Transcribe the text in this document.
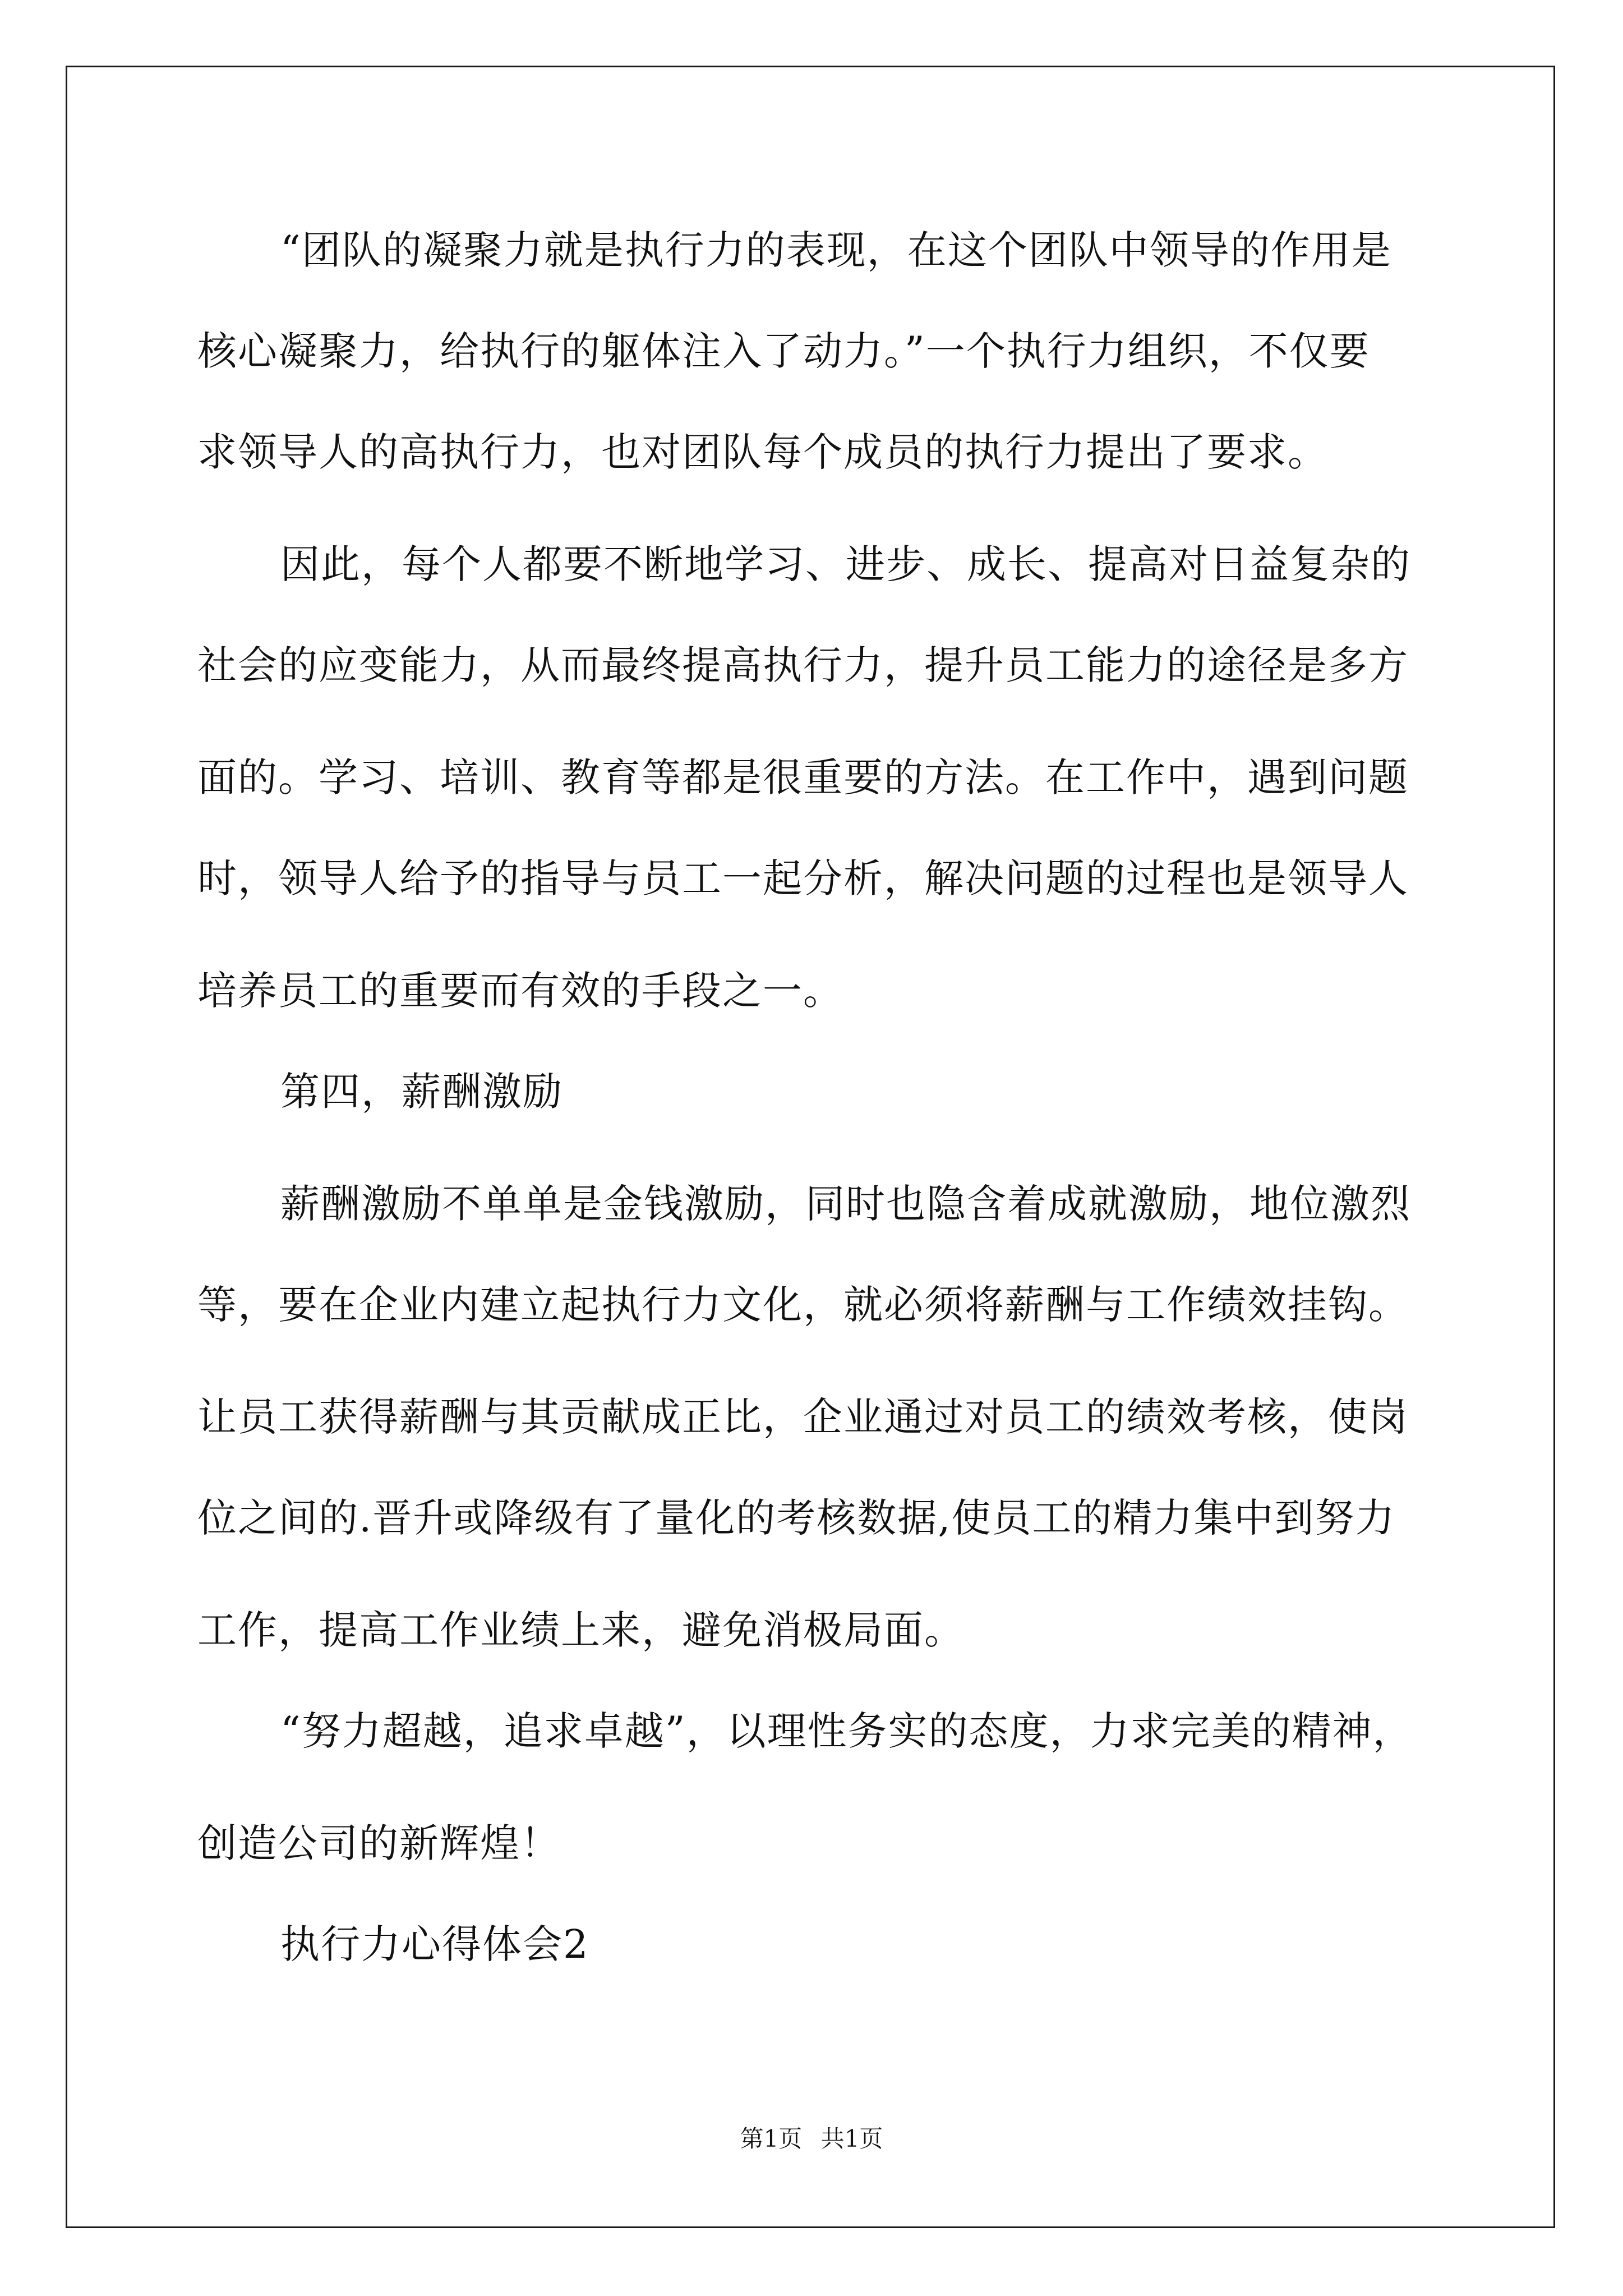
“团队的凝聚力就是执行力的表现，在这个团队中领导的作用是
核心凝聚力，给执行的躯体注入了动力。”一个执行力组织，不仅要
求领导人的高执行力，也对团队每个成员的执行力提出了要求。
因此，每个人都要不断地学习、进步、成长、提高对日益复杂的
社会的应变能力，从而最终提高执行力，提升员工能力的途径是多方
面的。学习、培训、教育等都是很重要的方法。在工作中，遇到问题
时，领导人给予的指导与员工一起分析，解决问题的过程也是领导人
培养员工的重要而有效的手段之一。
第四，薪酬激励
薪酬激励不单单是金钱激励，同时也隐含着成就激励，地位激烈
等，要在企业内建立起执行力文化，就必须将薪酬与工作绩效挂钩。
让员工获得薪酬与其贡献成正比，企业通过对员工的绩效考核，使岗
位之间的.晋升或降级有了量化的考核数据,使员工的精力集中到努力
工作，提高工作业绩上来，避免消极局面。
“努力超越，追求卓越”，以理性务实的态度，力求完美的精神，
创造公司的新辉煌！
执行力心得体会2
第1页 共1页
